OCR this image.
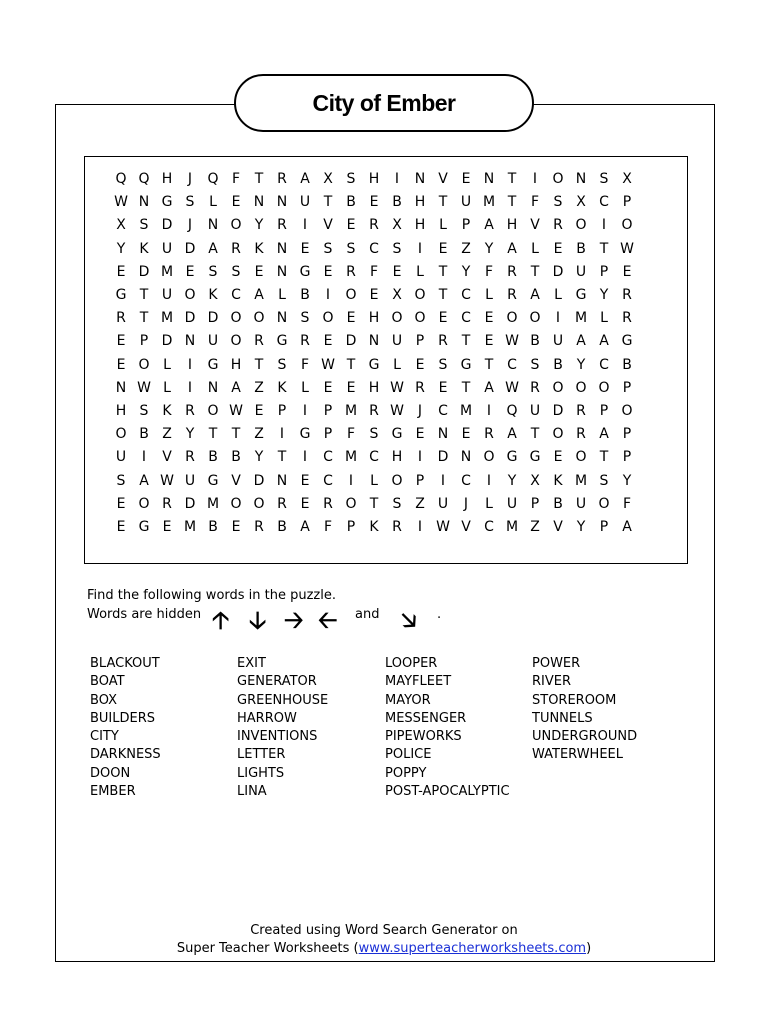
City of Ember
Q Q H	J	Q F	T R A X S H	I	N V E N T	I	O N S X
W N G S	L	E N N U T B E B H T U M T	F	S X C P
X S D	J	N O Y R	I	V E R X H L	P A H V R O	I	O
Y	K U D A R K N E	S	S C S	I	E Z Y A	L	E B T W
E D M E	S	S	E N G E R	F	E	L	T	Y	F	R T D U P	E
G T U O K C A	L	B	I	O E X O T C	L	R A	L G Y R
R T M D D O O N S O E H O O E C E O O	I	M L	R
E	P D N U O R G R E D N U P R T	E W B U A A G
E O L	I	G H T	S	F W T G L	E	S G T C S B Y C B
N W L	I	N A Z K	L	E	E H W R E	T A W R O O O P
H S K R O W E	P	I	P M R W	J	C M	I	Q U D R P O
O B Z Y	T	T Z	I	G P	F	S G E N E R A T O R A P
U	I	V R B B Y	T	I	C M C H	I	D N O G G E O T	P
S A W U G V D N E C	I	L O P	I	C	I	Y X K M S	Y
E O R D M O O R E R O T	S Z U	J	L U P B U O F
E G E M B E R B A	F	P	K R	I	W V C M Z V Y	P A
Find the following words in the puzzle.
Words are hidden 🡡 🡣 🡢 🡠 and 🡦 .
BLACKOUT
BOAT
BOX
BUILDERS
CITY
DARKNESS
DOON
EMBER
EXIT
GENERATOR
GREENHOUSE
HARROW
INVENTIONS
LETTER
LIGHTS
LINA
LOOPER
MAYFLEET
MAYOR
MESSENGER
PIPEWORKS
POLICE
POPPY
POST-APOCALYPTIC
POWER
RIVER
STOREROOM
TUNNELS
UNDERGROUND
WATERWHEEL
Created using Word Search Generator on
Super Teacher Worksheets (www.superteacherworksheets.com)
